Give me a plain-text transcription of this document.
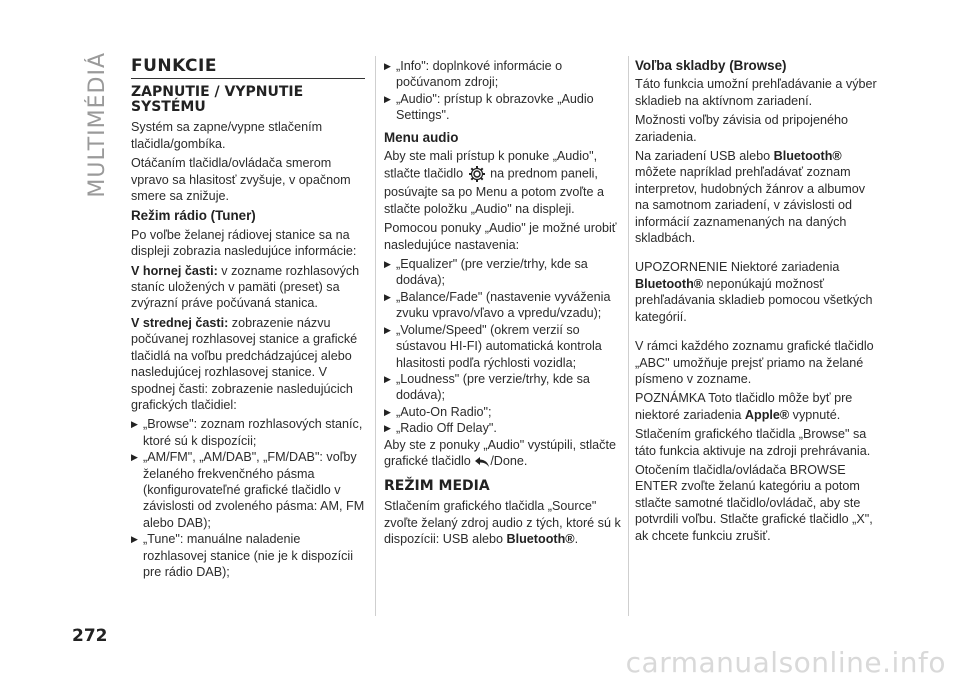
MULTIMÉDIÁ FUNKCIE
ZAPNUTIE / VYPNUTIE SYSTÉMU

Systém sa zapne/vypne stlačením tlačidla/gombíka.

Otáčaním tlačidla/ovládača smerom vpravo sa hlasitosť zvyšuje, v opačnom smere sa znižuje.

Režim rádio (Tuner)

Po voľbe želanej rádiovej stanice sa na displeji zobrazia nasledujúce informácie:

V hornej časti: v zozname rozhlasových staníc uložených v pamäti (preset) sa zvýrazní práve počúvaná stanica.

V strednej časti: zobrazenie názvu počúvanej rozhlasovej stanice a grafické tlačidlá na voľbu predchádzajúcej alebo nasledujúcej rozhlasovej stanice. V spodnej časti: zobrazenie nasledujúcich grafických tlačidiel:

▶ „Browse": zoznam rozhlasových staníc, ktoré sú k dispozícii;
▶ „AM/FM", „AM/DAB", „FM/DAB": voľby želaného frekvenčného pásma (konfigurovateľné grafické tlačidlo v závislosti od zvoleného pásma: AM, FM alebo DAB);
▶ „Tune": manuálne naladenie rozhlasovej stanice (nie je k dispozícii pre rádio DAB);
▶ „Info": doplnkové informácie o počúvanom zdroji;
▶ „Audio": prístup k obrazovke „Audio Settings".
Menu audio

Aby ste mali prístup k ponuke „Audio", stlačte tlačidlo na prednom paneli, posúvajte sa po Menu a potom zvoľte a stlačte položku „Audio" na displeji.

Pomocou ponuky „Audio" je možné urobiť nasledujúce nastavenia:

▶ „Equalizer" (pre verzie/trhy, kde sa dodáva);
▶ „Balance/Fade" (nastavenie vyváženia zvuku vpravo/vľavo a vpredu/vzadu);
▶ „Volume/Speed" (okrem verzií so sústavou HI-FI) automatická kontrola hlasitosti podľa rýchlosti vozidla;
▶ „Loudness" (pre verzie/trhy, kde sa dodáva);
▶ „Auto-On Radio";
▶ „Radio Off Delay".

Aby ste z ponuky „Audio" vystúpili, stlačte grafické tlačidlo /Done.

REŽIM MEDIA

Stlačením grafického tlačidla „Source" zvoľte želaný zdroj audio z tých, ktoré sú k dispozícii: USB alebo Bluetooth®.

Voľba skladby (Browse)

Táto funkcia umožní prehľadávanie a výber skladieb na aktívnom zariadení.

Možnosti voľby závisia od pripojeného zariadenia.

Na zariadení USB alebo Bluetooth® môžete napríklad prehľadávať zoznam interpretov, hudobných žánrov a albumov na samotnom zariadení, v závislosti od informácií zaznamenaných na daných skladbách.

UPOZORNENIE Niektoré zariadenia Bluetooth® neponúkajú možnosť prehľadávania skladieb pomocou všetkých kategórií.

V rámci každého zoznamu grafické tlačidlo „ABC" umožňuje prejsť priamo na želané písmeno v zozname.

POZNÁMKA Toto tlačidlo môže byť pre niektoré zariadenia Apple® vypnuté.

Stlačením grafického tlačidla „Browse" sa táto funkcia aktivuje na zdroji prehrávania.

Otočením tlačidla/ovládača BROWSE ENTER zvoľte želanú kategóriu a potom stlačte samotné tlačidlo/ovládač, aby ste potvrdili voľbu. Stlačte grafické tlačidlo „X", ak chcete funkciu zrušiť.

272
carmanualsonline.info
